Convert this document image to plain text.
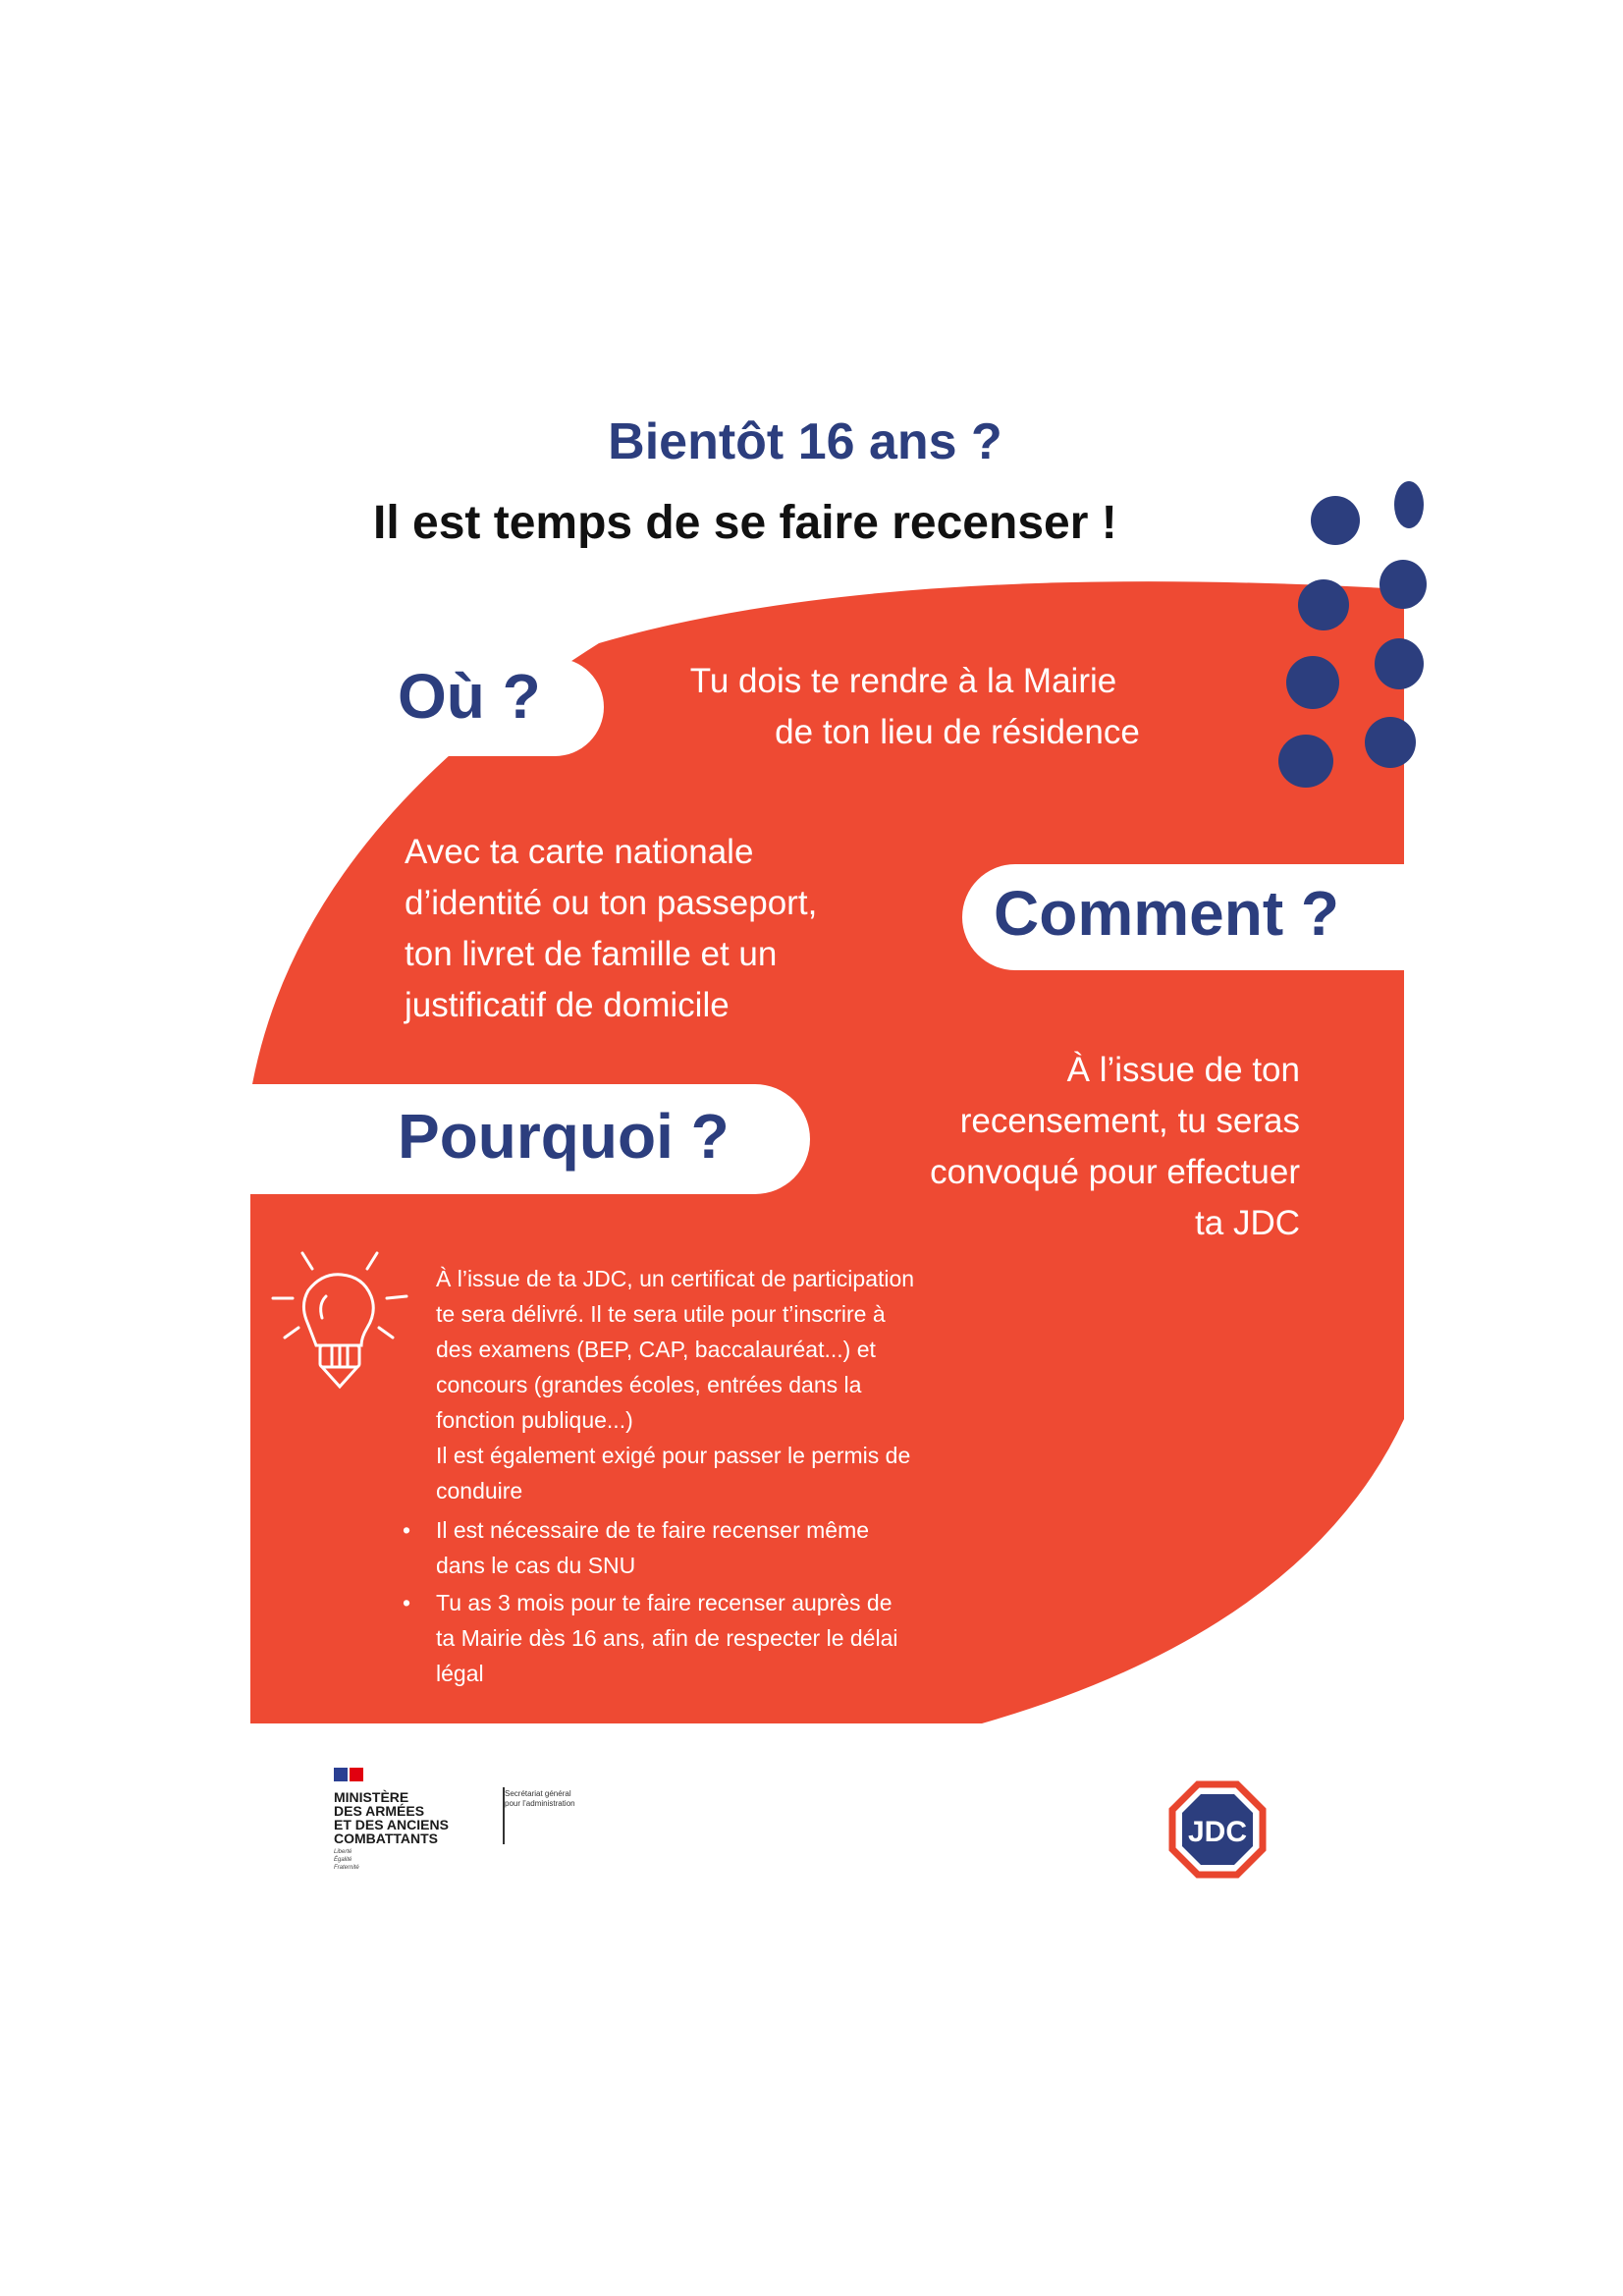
Bientôt 16 ans ?
Il est temps de se faire recenser !
Où ?	Tu dois te rendre à la Mairie
de ton lieu de résidence
Comment ?
Avec ta carte nationale
d’identité ou ton passeport,
ton livret de famille et un
justificatif de domicile
Pourquoi ?
À l’issue de ton
recensement, tu seras
convoqué pour effectuer
ta JDC
À l’issue de ta JDC, un certificat de participation
te sera délivré. Il te sera utile pour t’inscrire à
des examens (BEP, CAP, baccalauréat...) et
concours (grandes écoles, entrées dans la
fonction publique...)
Il est également exigé pour passer le permis de
conduire
• Il est nécessaire de te faire recenser même
dans le cas du SNU
• Tu as 3 mois pour te faire recenser auprès de
ta Mairie dès 16 ans, afin de respecter le délai
légal
MINISTÈRE
DES ARMÉES
ET DES ANCIENS
COMBATTANTS
Liberté
Égalité
Fraternité
Secrétariat général
pour l’administration
JDC
